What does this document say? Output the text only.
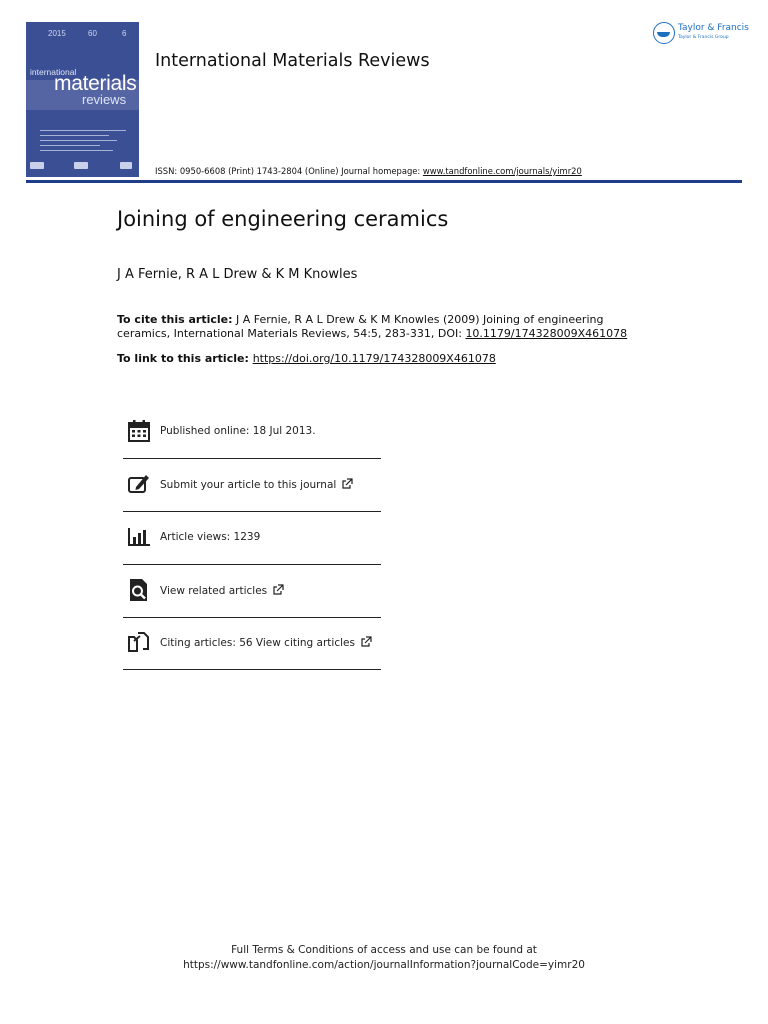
2015	60	6
international
materials
reviews
International Materials Reviews
ISSN: 0950-6608 (Print) 1743-2804 (Online) Journal homepage: www.tandfonline.com/journals/yimr20
Taylor & Francis
Taylor & Francis Group
Joining of engineering ceramics
J A Fernie, R A L Drew & K M Knowles
To cite this article: J A Fernie, R A L Drew & K M Knowles (2009) Joining of engineering ceramics, International Materials Reviews, 54:5, 283-331, DOI: 10.1179/174328009X461078
To link to this article: https://doi.org/10.1179/174328009X461078
Published online: 18 Jul 2013.
Submit your article to this journal
Article views: 1239
View related articles
Citing articles: 56 View citing articles
Full Terms & Conditions of access and use can be found at
https://www.tandfonline.com/action/journalInformation?journalCode=yimr20
